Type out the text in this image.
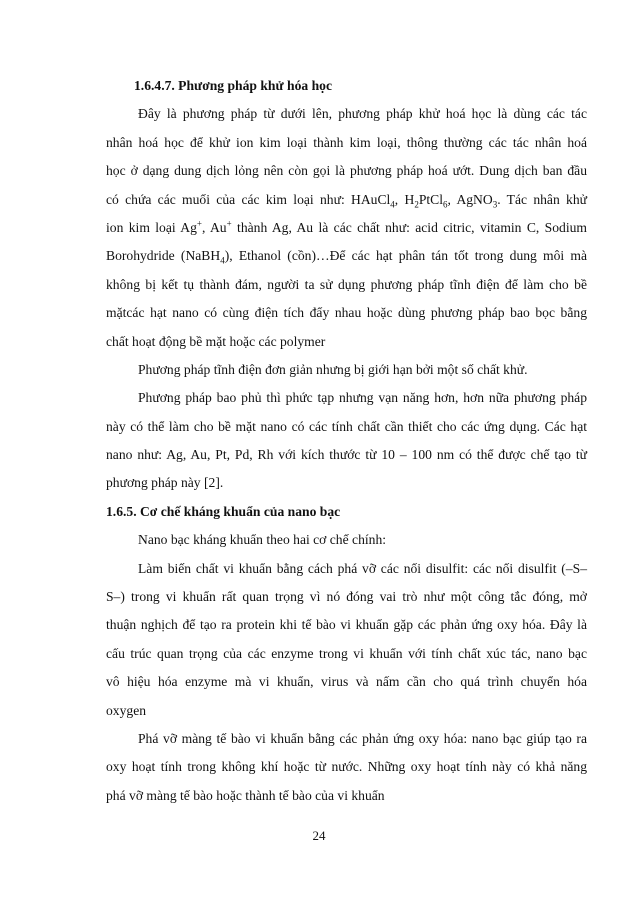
1.6.4.7. Phương pháp khử hóa học
Đây là phương pháp từ dưới lên, phương pháp khử hoá học là dùng các tác
nhân hoá học để khử ion kim loại thành kim loại, thông thường các tác nhân hoá
học ở dạng dung dịch lỏng nên còn gọi là phương pháp hoá ướt. Dung dịch ban đầu
có chứa các muối của các kim loại như: HAuCl$_4$, $H_2PtCl_6$, AgNO$_3$. Tác nhân khử
ion kim loại Ag+, Au+ thành Ag, Au là các chất như: acid citric, vitamin C, Sodium
Borohydride (NaBH$_4$), Ethanol (cồn)…Để các hạt phân tán tốt trong dung môi mà
không bị kết tụ thành đám, người ta sử dụng phương pháp tĩnh điện để làm cho bề
mặtcác hạt nano có cùng điện tích đẩy nhau hoặc dùng phương pháp bao bọc bằng
chất hoạt động bề mặt hoặc các polymer
Phương pháp tĩnh điện đơn giản nhưng bị giới hạn bởi một số chất khử.
Phương pháp bao phủ thì phức tạp nhưng vạn năng hơn, hơn nữa phương pháp
này có thể làm cho bề mặt nano có các tính chất cần thiết cho các ứng dụng. Các hạt
nano như: Ag, Au, Pt, Pd, Rh với kích thước từ 10 – 100 nm có thể được chế tạo từ
phương pháp này [2].
1.6.5. Cơ chế kháng khuẩn của nano bạc
Nano bạc kháng khuẩn theo hai cơ chế chính:
Làm biến chất vi khuẩn bằng cách phá vỡ các nối disulfit: các nối disulfit (–S–
S–) trong vi khuẩn rất quan trọng vì nó đóng vai trò như một công tắc đóng, mở
thuận nghịch để tạo ra protein khi tế bào vi khuẩn gặp các phản ứng oxy hóa. Đây là
cấu trúc quan trọng của các enzyme trong vi khuẩn với tính chất xúc tác, nano bạc
vô hiệu hóa enzyme mà vi khuẩn, virus và nấm cần cho quá trình chuyển hóa
oxygen
Phá vỡ màng tế bào vi khuẩn bằng các phản ứng oxy hóa: nano bạc giúp tạo ra
oxy hoạt tính trong không khí hoặc từ nước. Những oxy hoạt tính này có khả năng
phá vỡ màng tế bào hoặc thành tế bào của vi khuẩn
24
